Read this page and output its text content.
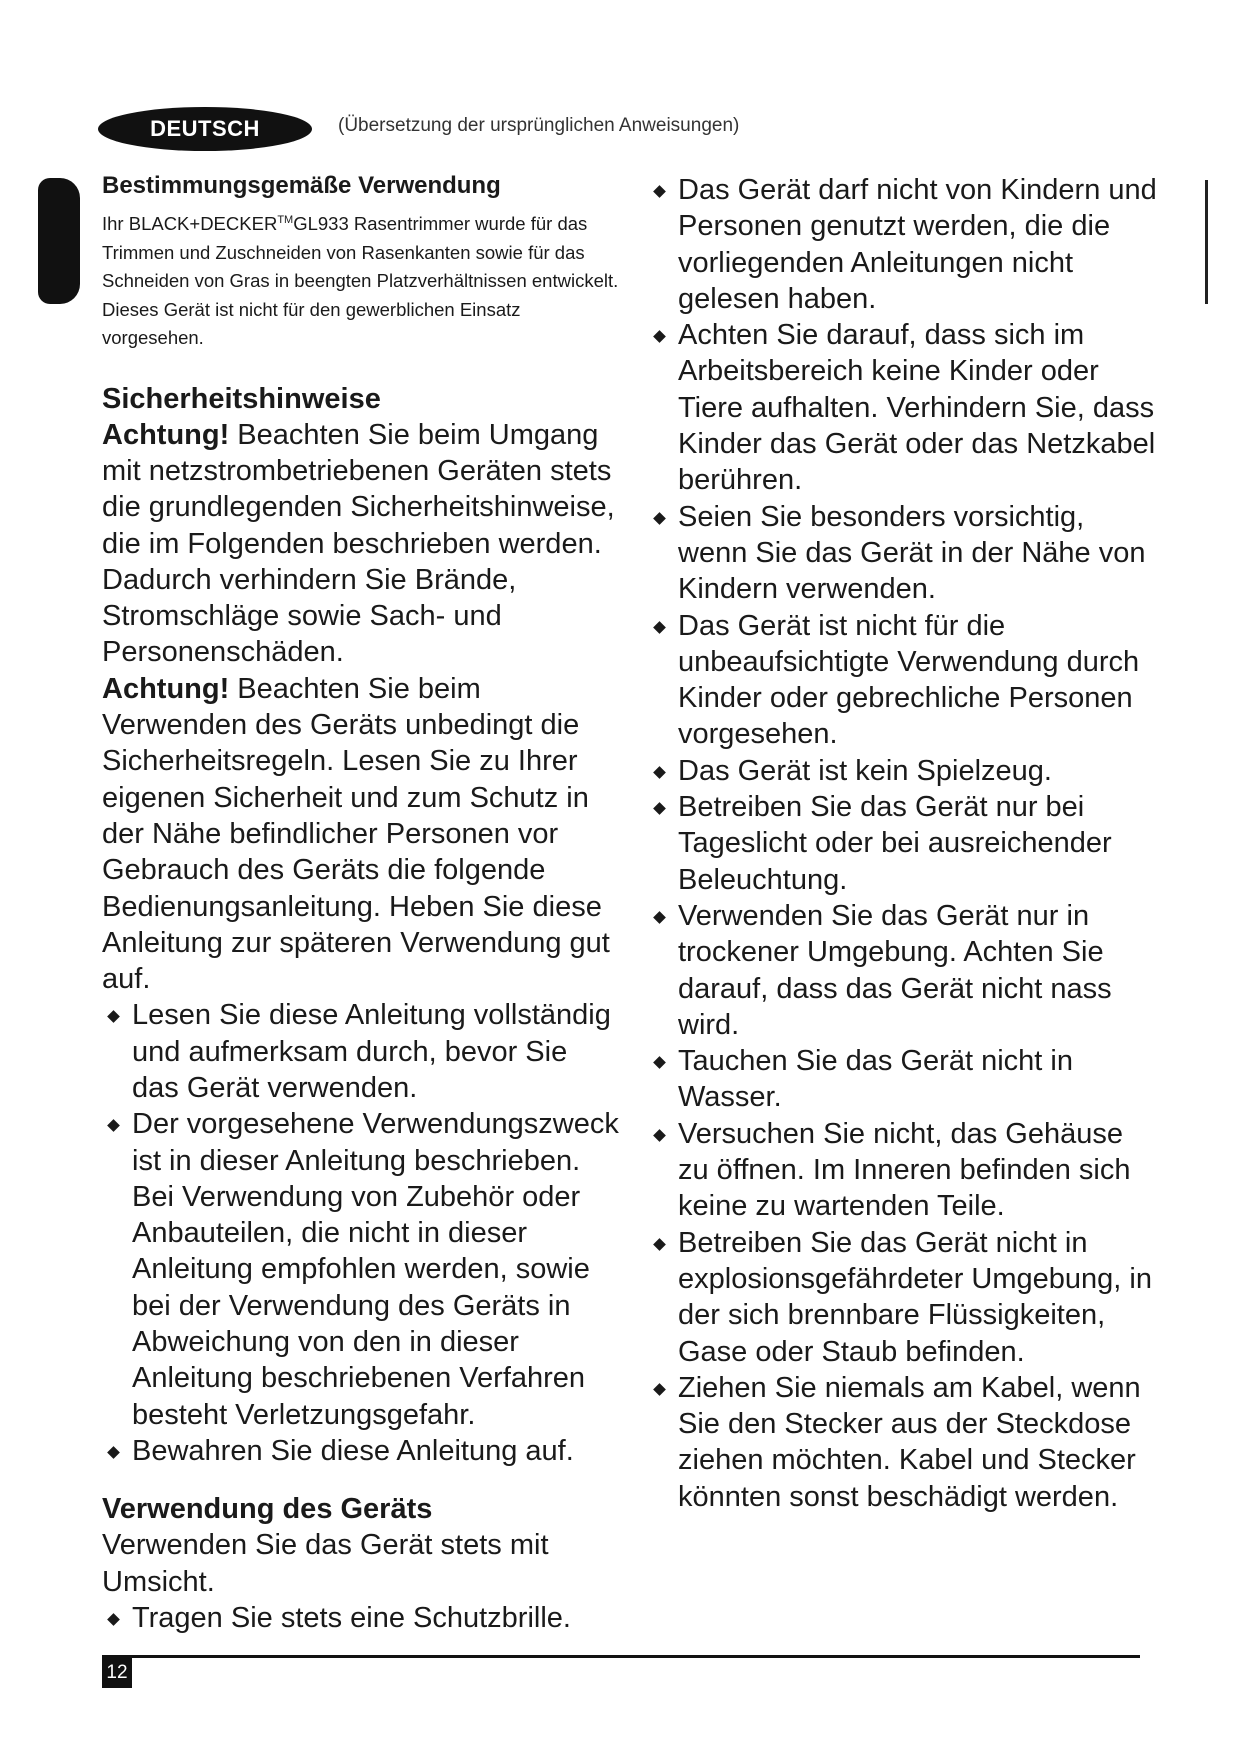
DEUTSCH	(Übersetzung der ursprünglichen Anweisungen)
Bestimmungsgemäße Verwendung

Ihr BLACK+DECKER™GL933 Rasentrimmer wurde für das Trimmen und Zuschneiden von Rasenkanten sowie für das Schneiden von Gras in beengten Platzverhältnissen entwickelt. Dieses Gerät ist nicht für den gewerblichen Einsatz vorgesehen.

Sicherheitshinweise

Achtung! Beachten Sie beim Umgang mit netzstrombetriebenen Geräten stets die grundlegenden Sicherheitshinweise, die im Folgenden beschrieben werden. Dadurch verhindern Sie Brände, Stromschläge sowie Sach- und Personenschäden.

Achtung! Beachten Sie beim Verwenden des Geräts unbedingt die Sicherheitsregeln. Lesen Sie zu Ihrer eigenen Sicherheit und zum Schutz in der Nähe befindlicher Personen vor Gebrauch des Geräts die folgende Bedienungsanleitung. Heben Sie diese Anleitung zur späteren Verwendung gut auf.

Lesen Sie diese Anleitung vollständig und aufmerksam durch, bevor Sie das Gerät verwenden.
Der vorgesehene Verwendungszweck ist in dieser Anleitung beschrieben. Bei Verwendung von Zubehör oder Anbauteilen, die nicht in dieser Anleitung empfohlen werden, sowie bei der Verwendung des Geräts in Abweichung von den in dieser Anleitung beschriebenen Verfahren besteht Verletzungsgefahr.
Bewahren Sie diese Anleitung auf.
Verwendung des Geräts

Verwenden Sie das Gerät stets mit Umsicht.

Tragen Sie stets eine Schutzbrille.
Das Gerät darf nicht von Kindern und Personen genutzt werden, die die vorliegenden Anleitungen nicht gelesen haben.
Achten Sie darauf, dass sich im Arbeitsbereich keine Kinder oder Tiere aufhalten. Verhindern Sie, dass Kinder das Gerät oder das Netzkabel berühren.
Seien Sie besonders vorsichtig, wenn Sie das Gerät in der Nähe von Kindern verwenden.
Das Gerät ist nicht für die unbeaufsichtigte Verwendung durch Kinder oder gebrechliche Personen vorgesehen.
Das Gerät ist kein Spielzeug.
Betreiben Sie das Gerät nur bei Tageslicht oder bei ausreichender Beleuchtung.
Verwenden Sie das Gerät nur in trockener Umgebung. Achten Sie darauf, dass das Gerät nicht nass wird.
Tauchen Sie das Gerät nicht in Wasser.
Versuchen Sie nicht, das Gehäuse zu öffnen. Im Inneren befinden sich keine zu wartenden Teile.
Betreiben Sie das Gerät nicht in explosionsgefährdeter Umgebung, in der sich brennbare Flüssigkeiten, Gase oder Staub befinden.
Ziehen Sie niemals am Kabel, wenn Sie den Stecker aus der Steckdose ziehen möchten. Kabel und Stecker könnten sonst beschädigt werden.
12
